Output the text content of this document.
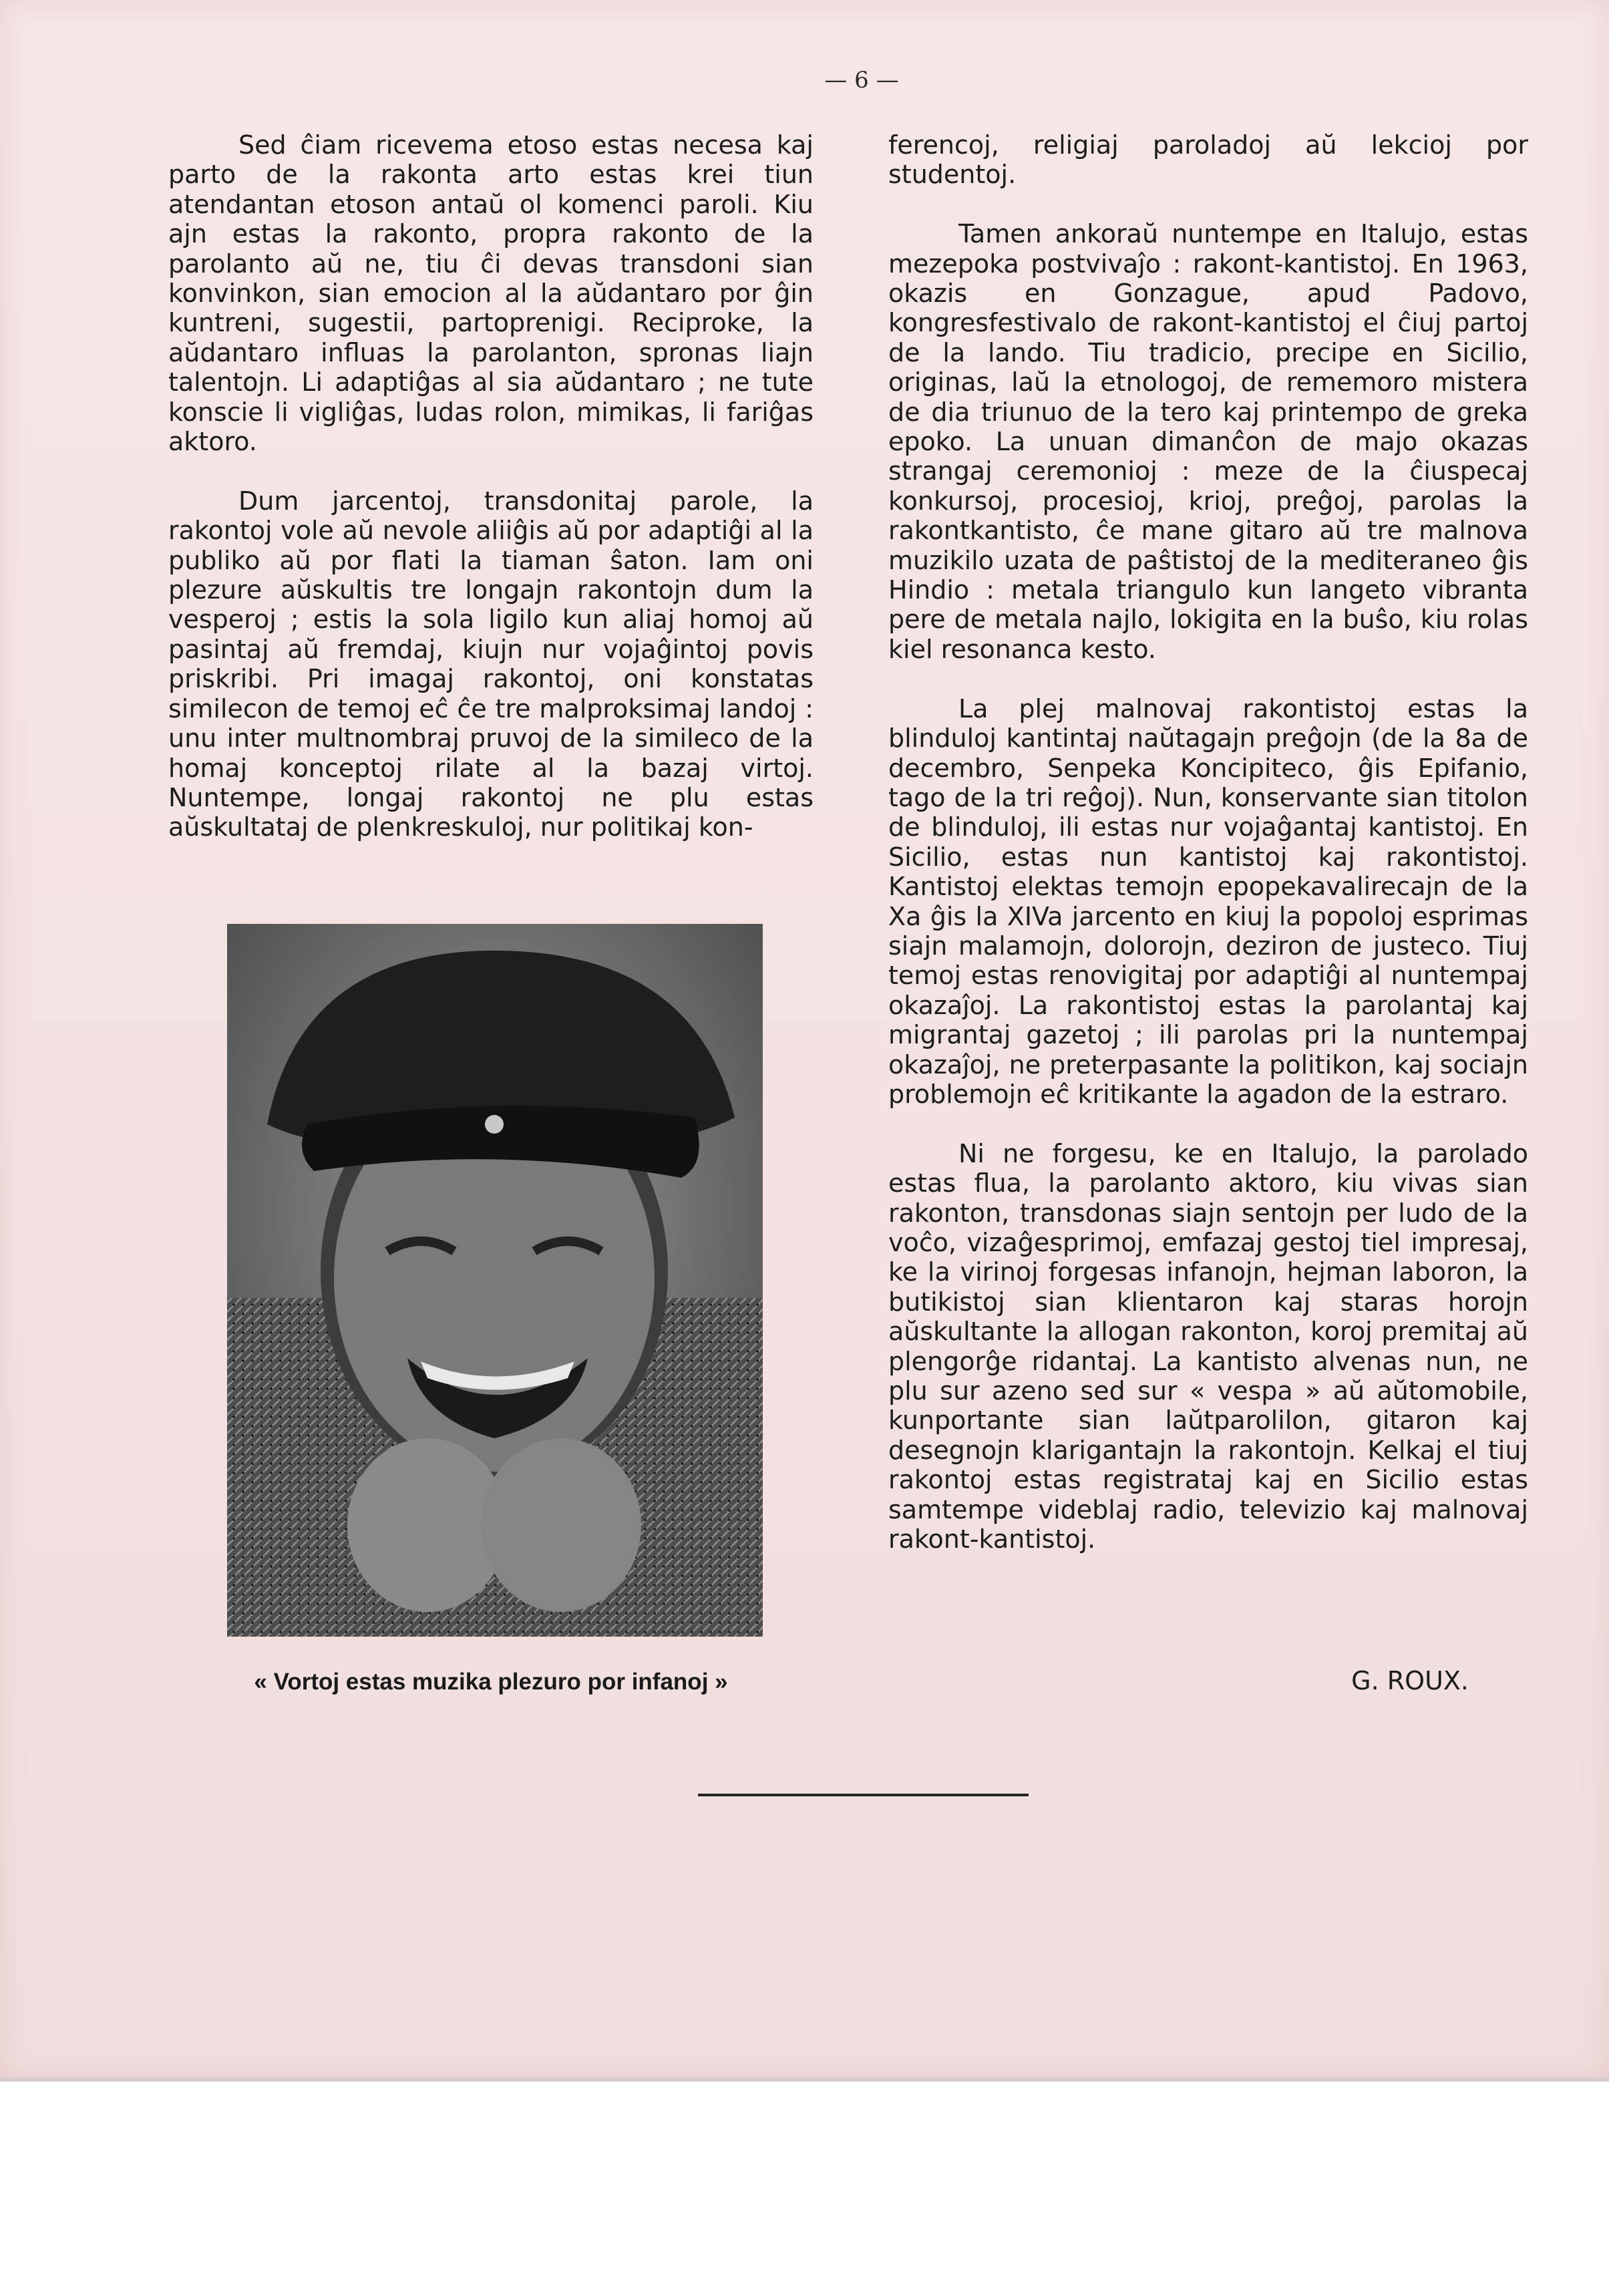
— 6 —

Sed ĉiam ricevema etoso estas necesa kaj parto de la rakonta arto estas krei tiun atendantan etoson antaŭ ol komenci paroli. Kiu ajn estas la rakonto, propra rakonto de la parolanto aŭ ne, tiu ĉi devas transdoni sian konvinkon, sian emocion al la aŭdantaro por ĝin kuntreni, sugestii, partoprenigi. Reciproke, la aŭdantaro influas la parolanton, spronas liajn talentojn. Li adaptiĝas al sia aŭdantaro ; ne tute konscie li vigliĝas, ludas rolon, mimikas, li fariĝas aktoro.

Dum jarcentoj, transdonitaj parole, la rakontoj vole aŭ nevole aliiĝis aŭ por adaptiĝi al la publiko aŭ por flati la tiaman ŝaton. Iam oni plezure aŭskultis tre longajn rakontojn dum la vesperoj ; estis la sola ligilo kun aliaj homoj aŭ pasintaj aŭ fremdaj, kiujn nur vojaĝintoj povis priskribi. Pri imagaj rakontoj, oni konstatas similecon de temoj eĉ ĉe tre malproksimaj landoj : unu inter multnombraj pruvoj de la simileco de la homaj konceptoj rilate al la bazaj virtoj. Nuntempe, longaj rakontoj ne plu estas aŭskultataj de plenkreskuloj, nur politikaj kon-

« Vortoj estas muzika plezuro por infanoj »

ferencoj, religiaj paroladoj aŭ lekcioj por studentoj.

Tamen ankoraŭ nuntempe en Italujo, estas mezepoka postvivaĵo : rakont-kantistoj. En 1963, okazis en Gonzague, apud Padovo, kongresfestivalo de rakont-kantistoj el ĉiuj partoj de la lando. Tiu tradicio, precipe en Sicilio, originas, laŭ la etnologoj, de rememoro mistera de dia triunuo de la tero kaj printempo de greka epoko. La unuan dimanĉon de majo okazas strangaj ceremonioj : meze de la ĉiuspecaj konkursoj, procesioj, krioj, preĝoj, parolas la rakontkantisto, ĉe mane gitaro aŭ tre malnova muzikilo uzata de paŝtistoj de la mediteraneo ĝis Hindio : metala triangulo kun langeto vibranta pere de metala najlo, lokigita en la buŝo, kiu rolas kiel resonanca kesto.

La plej malnovaj rakontistoj estas la blinduloj kantintaj naŭtagajn preĝojn (de la 8a de decembro, Senpeka Koncipiteco, ĝis Epifanio, tago de la tri reĝoj). Nun, konservante sian titolon de blinduloj, ili estas nur vojaĝantaj kantistoj. En Sicilio, estas nun kantistoj kaj rakontistoj. Kantistoj elektas temojn epopekavalirecajn de la Xa ĝis la XIVa jarcento en kiuj la popoloj esprimas siajn malamojn, dolorojn, deziron de justeco. Tiuj temoj estas renovigitaj por adaptiĝi al nuntempaj okazaĵoj. La rakontistoj estas la parolantaj kaj migrantaj gazetoj ; ili parolas pri la nuntempaj okazaĵoj, ne preterpasante la politikon, kaj sociajn problemojn eĉ kritikante la agadon de la estraro.

Ni ne forgesu, ke en Italujo, la parolado estas flua, la parolanto aktoro, kiu vivas sian rakonton, transdonas siajn sentojn per ludo de la voĉo, vizaĝesprimoj, emfazaj gestoj tiel impresaj, ke la virinoj forgesas infanojn, hejman laboron, la butikistoj sian klientaron kaj staras horojn aŭskultante la allogan rakonton, koroj premitaj aŭ plengorĝe ridantaj. La kantisto alvenas nun, ne plu sur azeno sed sur « vespa » aŭ aŭtomobile, kunportante sian laŭtparolilon, gitaron kaj desegnojn klarigantajn la rakontojn. Kelkaj el tiuj rakontoj estas registrataj kaj en Sicilio estas samtempe videblaj radio, televizio kaj malnovaj rakont-kantistoj.

G. ROUX.
